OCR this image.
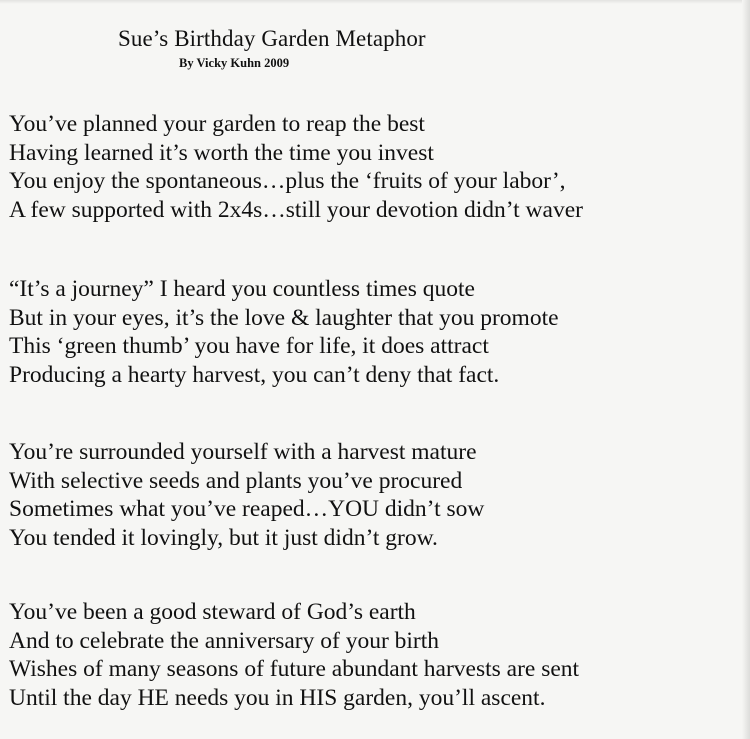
Sue’s Birthday Garden Metaphor
By Vicky Kuhn 2009
You’ve planned your garden to reap the best
Having learned it’s worth the time you invest
You enjoy the spontaneous…plus the ‘fruits of your labor’,
A few supported with 2x4s…still your devotion didn’t waver
“It’s a journey” I heard you countless times quote
But in your eyes, it’s the love & laughter that you promote
This ‘green thumb’ you have for life, it does attract
Producing a hearty harvest, you can’t deny that fact.
You’re surrounded yourself with a harvest mature
With selective seeds and plants you’ve procured
Sometimes what you’ve reaped…YOU didn’t sow
You tended it lovingly, but it just didn’t grow.
You’ve been a good steward of God’s earth
And to celebrate the anniversary of your birth
Wishes of many seasons of future abundant harvests are sent
Until the day HE needs you in HIS garden, you’ll ascent.
